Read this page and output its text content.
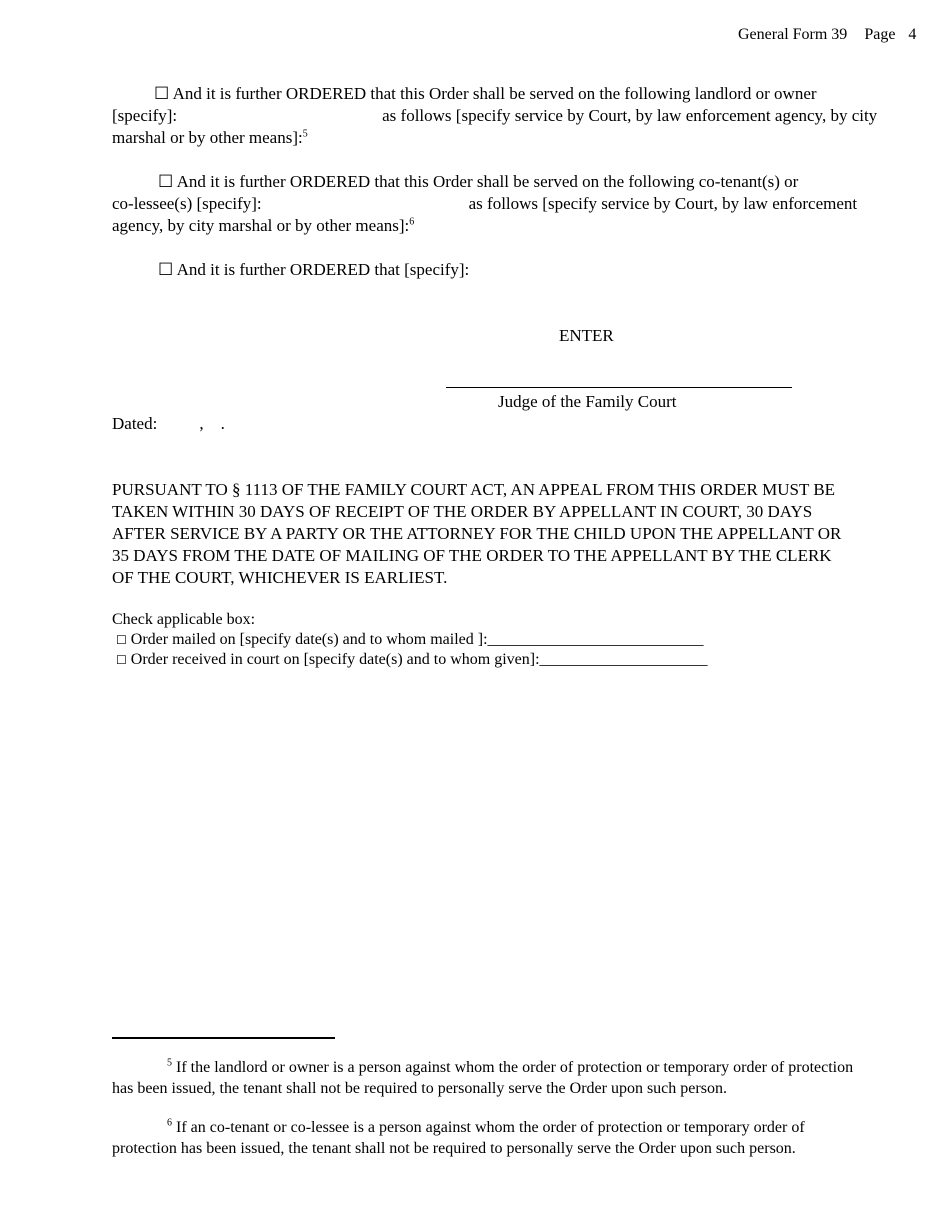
General Form 39 Page 4
☐ And it is further ORDERED that this Order shall be served on the following landlord or owner
[specify]:	as follows [specify service by Court, by law enforcement agency, by city
marshal or by other means]:$^5$
☐ And it is further ORDERED that this Order shall be served on the following co-tenant(s) or
co-lessee(s) [specify]:	as follows [specify service by Court, by law enforcement
agency, by city marshal or by other means]:$^6$
☐ And it is further ORDERED that [specify]:
ENTER
Judge of the Family Court
Dated: , .
PURSUANT TO § 1113 OF THE FAMILY COURT ACT, AN APPEAL FROM THIS ORDER MUST BE
TAKEN WITHIN 30 DAYS OF RECEIPT OF THE ORDER BY APPELLANT IN COURT, 30 DAYS
AFTER SERVICE BY A PARTY OR THE ATTORNEY FOR THE CHILD UPON THE APPELLANT OR
35 DAYS FROM THE DATE OF MAILING OF THE ORDER TO THE APPELLANT BY THE CLERK
OF THE COURT, WHICHEVER IS EARLIEST.
Check applicable box:
☐ Order mailed on [specify date(s) and to whom mailed ]:___________________________
☐ Order received in court on [specify date(s) and to whom given]:_____________________
$^5$ If the landlord or owner is a person against whom the order of protection or temporary order of protection
has been issued, the tenant shall not be required to personally serve the Order upon such person.
$^6$ If an co-tenant or co-lessee is a person against whom the order of protection or temporary order of
protection has been issued, the tenant shall not be required to personally serve the Order upon such person.
